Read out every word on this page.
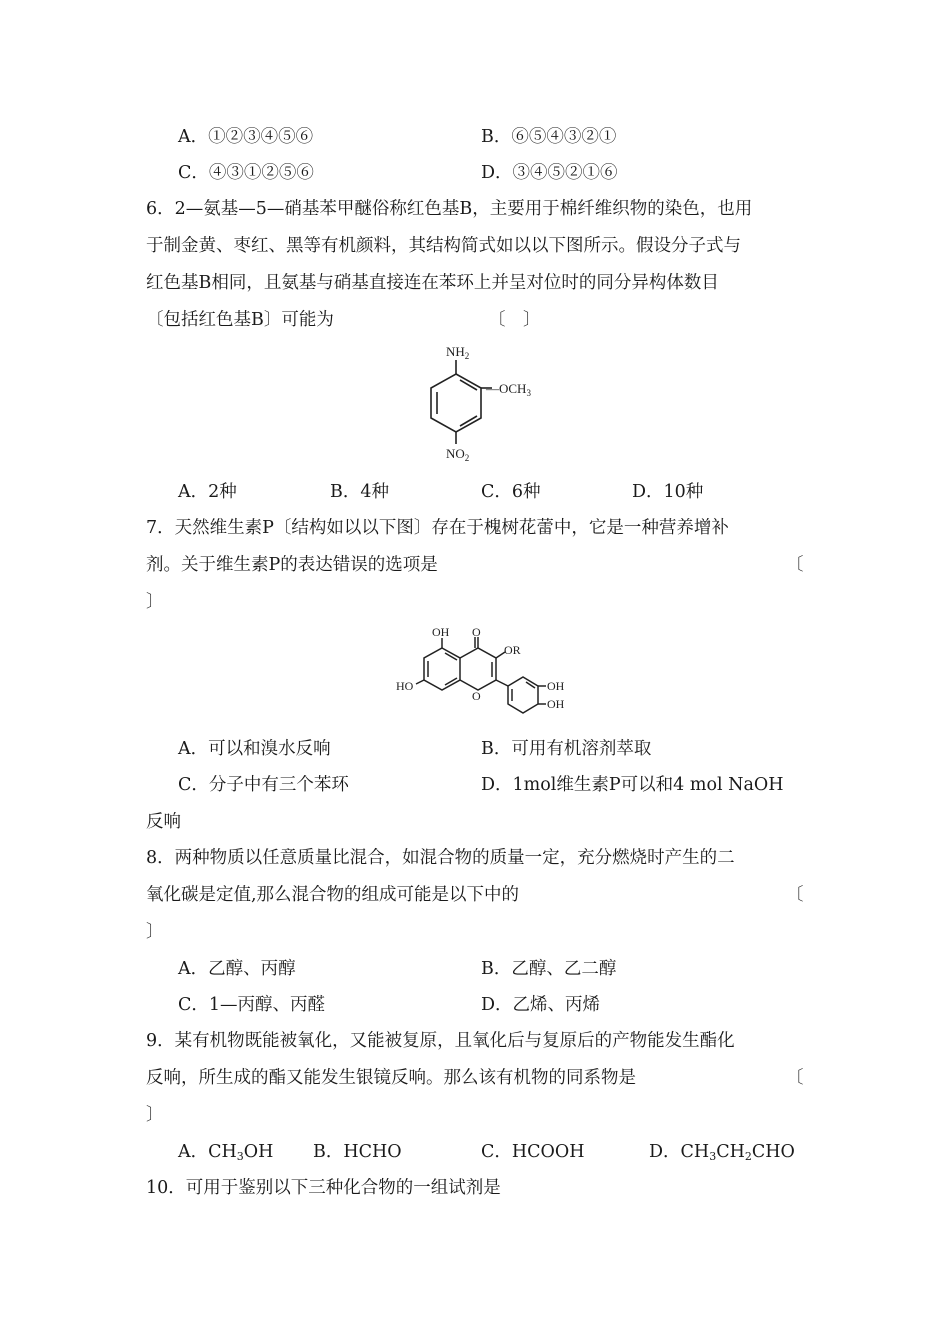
A．①②③④⑤⑥	B．⑥⑤④③②①
C．④③①②⑤⑥	D．③④⑤②①⑥
6．2—氨基—5—硝基苯甲醚俗称红色基B，主要用于棉纤维织物的染色，也用
于制金黄、枣红、黑等有机颜料，其结构简式如以以下图所示。假设分子式与
红色基B相同，且氨基与硝基直接连在苯环上并呈对位时的同分异构体数目
〔包括红色基B〕可能为	〔　〕
$NH_2$
$—OCH_3$
$NO_2$
A．2种	B．4种	C．6种	D．10种
7．天然维生素P〔结构如以以下图〕存在于槐树花蕾中，它是一种营养增补
剂。关于维生素P的表达错误的选项是	〔
〕
OH O
OR
HO
O
OH
OH
A．可以和溴水反响	B．可用有机溶剂萃取
C．分子中有三个苯环	D．1mol维生素P可以和4 mol NaOH
反响
8．两种物质以任意质量比混合，如混合物的质量一定，充分燃烧时产生的二
氧化碳是定值,那么混合物的组成可能是以下中的	〔
〕
A．乙醇、丙醇	B．乙醇、乙二醇
C．1—丙醇、丙醛	D．乙烯、丙烯
9．某有机物既能被氧化，又能被复原，且氧化后与复原后的产物能发生酯化
反响，所生成的酯又能发生银镜反响。那么该有机物的同系物是	〔
〕
A．$CH_3OH$ B．HCHO	C．HCOOH	D．$CH_3CH_2CHO$
10．可用于鉴别以下三种化合物的一组试剂是
